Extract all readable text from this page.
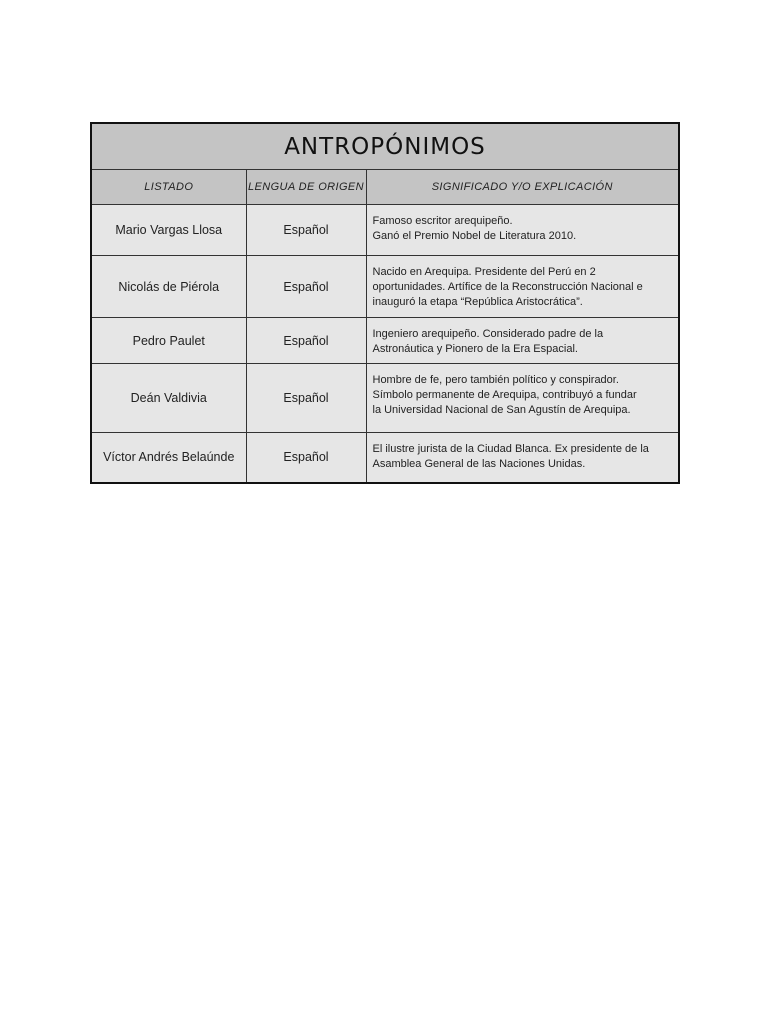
ANTROPÓNIMOS		
LISTADO	LENGUA DE ORIGEN	SIGNIFICADO Y/O EXPLICACIÓN
Mario Vargas Llosa	Español	Famoso escritor arequipeño.
Ganó el Premio Nobel de Literatura 2010.

Nicolás de Piérola	Español	Nacido en Arequipa. Presidente del Perú en 2
oportunidades. Artífice de la Reconstrucción Nacional e
inauguró la etapa “República Aristocrática”.

Pedro Paulet	Español	Ingeniero arequipeño. Considerado padre de la
Astronáutica y Pionero de la Era Espacial.

Deán Valdivia	Español	Hombre de fe, pero también político y conspirador.
Símbolo permanente de Arequipa, contribuyó a fundar
la Universidad Nacional de San Agustín de Arequipa.

Víctor Andrés Belaúnde	Español	El ilustre jurista de la Ciudad Blanca. Ex presidente de la
Asamblea General de las Naciones Unidas.
